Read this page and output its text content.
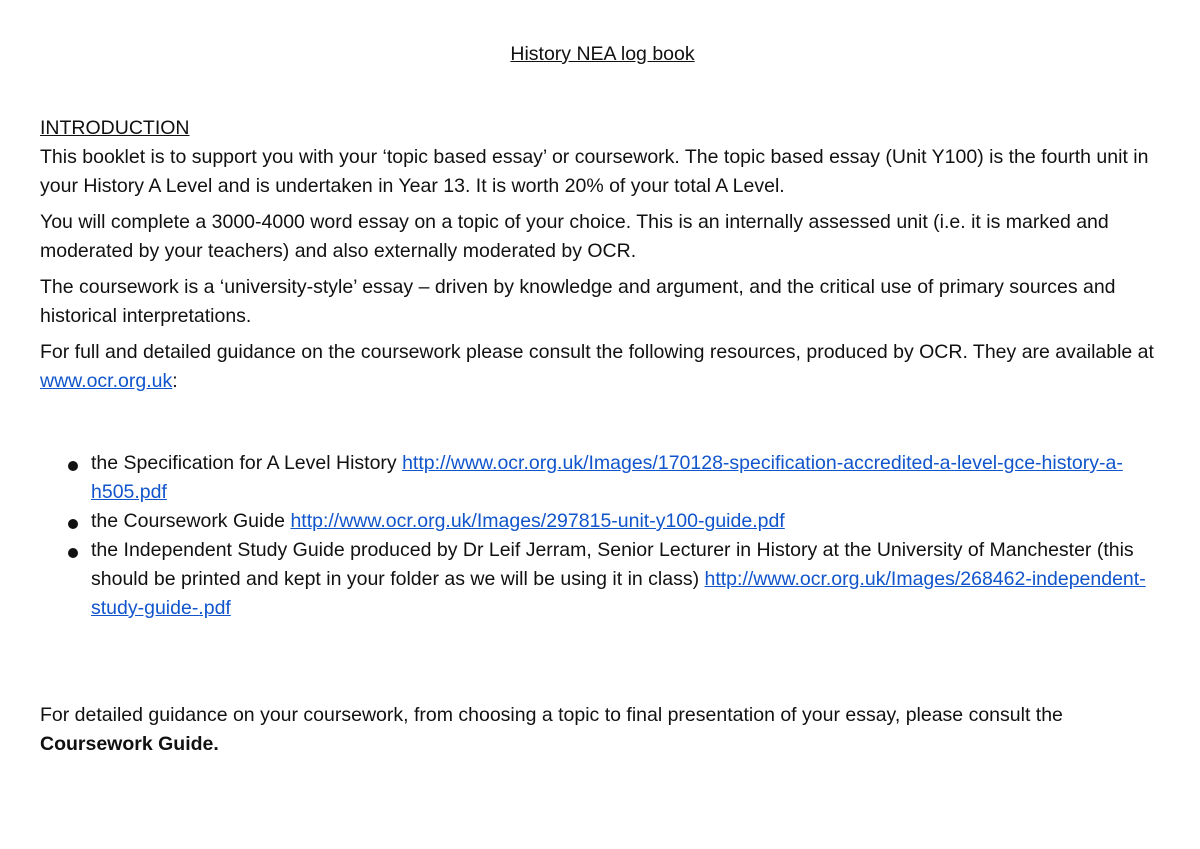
History NEA log book
INTRODUCTION

This booklet is to support you with your ‘topic based essay’ or coursework. The topic based essay (Unit Y100) is the fourth unit in your History A Level and is undertaken in Year 13. It is worth 20% of your total A Level.

You will complete a 3000-4000 word essay on a topic of your choice. This is an internally assessed unit (i.e. it is marked and moderated by your teachers) and also externally moderated by OCR.

The coursework is a ‘university-style’ essay – driven by knowledge and argument, and the critical use of primary sources and historical interpretations.

For full and detailed guidance on the coursework please consult the following resources, produced by OCR. They are available at www.ocr.org.uk:

the Specification for A Level History http://www.ocr.org.uk/Images/170128-specification-accredited-a-level-gce-history-a-h505.pdf
the Coursework Guide http://www.ocr.org.uk/Images/297815-unit-y100-guide.pdf
the Independent Study Guide produced by Dr Leif Jerram, Senior Lecturer in History at the University of Manchester (this should be printed and kept in your folder as we will be using it in class) http://www.ocr.org.uk/Images/268462-independent-study-guide-.pdf

For detailed guidance on your coursework, from choosing a topic to final presentation of your essay, please consult the Coursework Guide.
